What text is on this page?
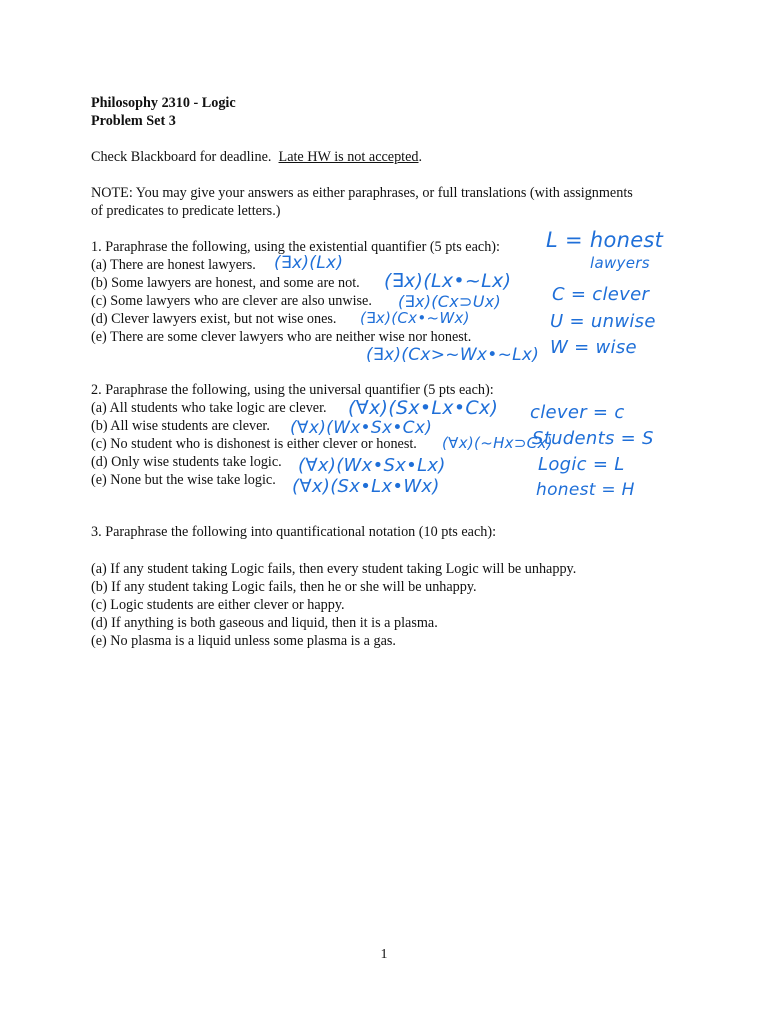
Philosophy 2310 - Logic
Problem Set 3
Check Blackboard for deadline. Late HW is not accepted.
NOTE: You may give your answers as either paraphrases, or full translations (with assignments
of predicates to predicate letters.)
1. Paraphrase the following, using the existential quantifier (5 pts each):
(a) There are honest lawyers.
(b) Some lawyers are honest, and some are not.
(c) Some lawyers who are clever are also unwise.
(d) Clever lawyers exist, but not wise ones.
(e) There are some clever lawyers who are neither wise nor honest.
2. Paraphrase the following, using the universal quantifier (5 pts each):
(a) All students who take logic are clever.
(b) All wise students are clever.
(c) No student who is dishonest is either clever or honest.
(d) Only wise students take logic.
(e) None but the wise take logic.
3. Paraphrase the following into quantificational notation (10 pts each):
(a) If any student taking Logic fails, then every student taking Logic will be unhappy.
(b) If any student taking Logic fails, then he or she will be unhappy.
(c) Logic students are either clever or happy.
(d) If anything is both gaseous and liquid, then it is a plasma.
(e) No plasma is a liquid unless some plasma is a gas.
(∃x)(Lx)
(∃x)(Lx•~Lx)
(∃x)(Cx⊃Ux)
(∃x)(Cx•~Wx)
(∃x)(Cx>~Wx•~Lx)
L = honest
lawyers
C = clever
U = unwise
W = wise
(∀x)(Sx•Lx•Cx)
(∀x)(Wx•Sx•Cx)
(∀x)(~Hx⊃Cx)
(∀x)(Wx•Sx•Lx)
(∀x)(Sx•Lx•Wx)
clever = c
Students = S
Logic = L
honest = H
1
